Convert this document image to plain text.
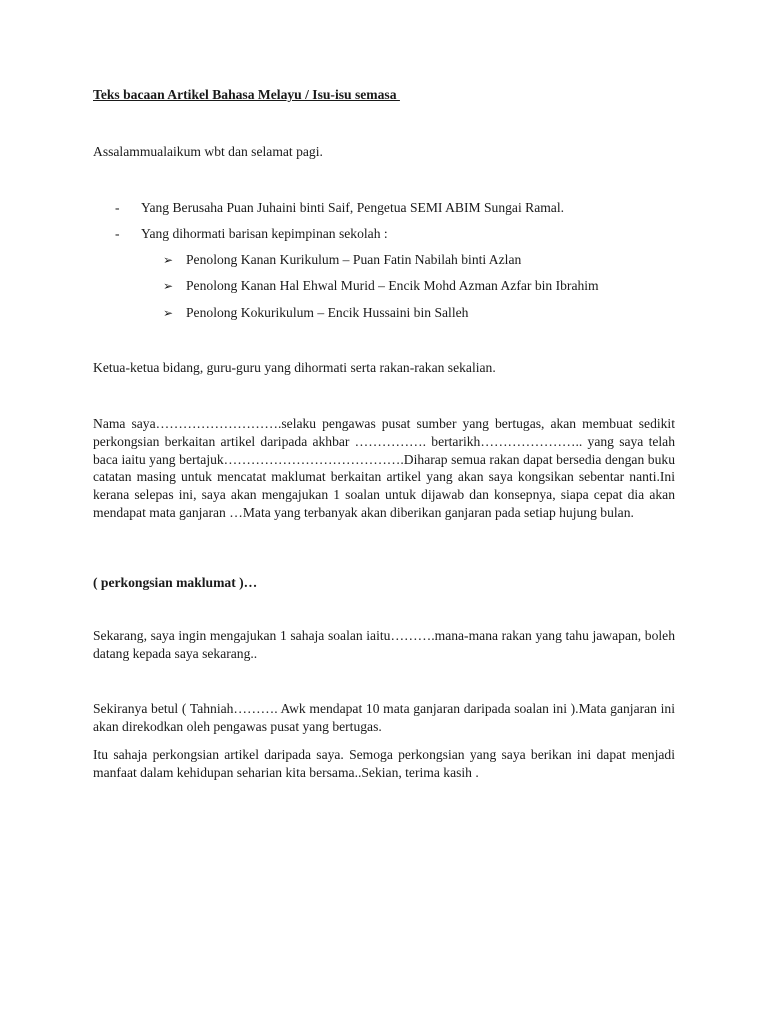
Teks bacaan Artikel Bahasa Melayu / Isu-isu semasa
Assalammualaikum wbt dan selamat pagi.
- Yang Berusaha Puan Juhaini binti Saif, Pengetua SEMI ABIM Sungai Ramal.
- Yang dihormati barisan kepimpinan sekolah :
➢ Penolong Kanan Kurikulum – Puan Fatin Nabilah binti Azlan
➢ Penolong Kanan Hal Ehwal Murid – Encik Mohd Azman Azfar bin Ibrahim
➢ Penolong Kokurikulum – Encik Hussaini bin Salleh
Ketua-ketua bidang, guru-guru yang dihormati serta rakan-rakan sekalian.
Nama saya……………………….selaku pengawas pusat sumber yang bertugas, akan membuat sedikit perkongsian berkaitan artikel daripada akhbar ……………. bertarikh………………….. yang saya telah baca iaitu yang bertajuk………………………………….Diharap semua rakan dapat bersedia dengan buku catatan masing untuk mencatat maklumat berkaitan artikel yang akan saya kongsikan sebentar nanti.Ini kerana selepas ini, saya akan mengajukan 1 soalan untuk dijawab dan konsepnya, siapa cepat dia akan mendapat mata ganjaran …Mata yang terbanyak akan diberikan ganjaran pada setiap hujung bulan.
( perkongsian maklumat )…
Sekarang, saya ingin mengajukan 1 sahaja soalan iaitu……….mana-mana rakan yang tahu jawapan, boleh datang kepada saya sekarang..
Sekiranya betul ( Tahniah………. Awk mendapat 10 mata ganjaran daripada soalan ini ).Mata ganjaran ini akan direkodkan oleh pengawas pusat yang bertugas.
Itu sahaja perkongsian artikel daripada saya. Semoga perkongsian yang saya berikan ini dapat menjadi manfaat dalam kehidupan seharian kita bersama..Sekian, terima kasih .
